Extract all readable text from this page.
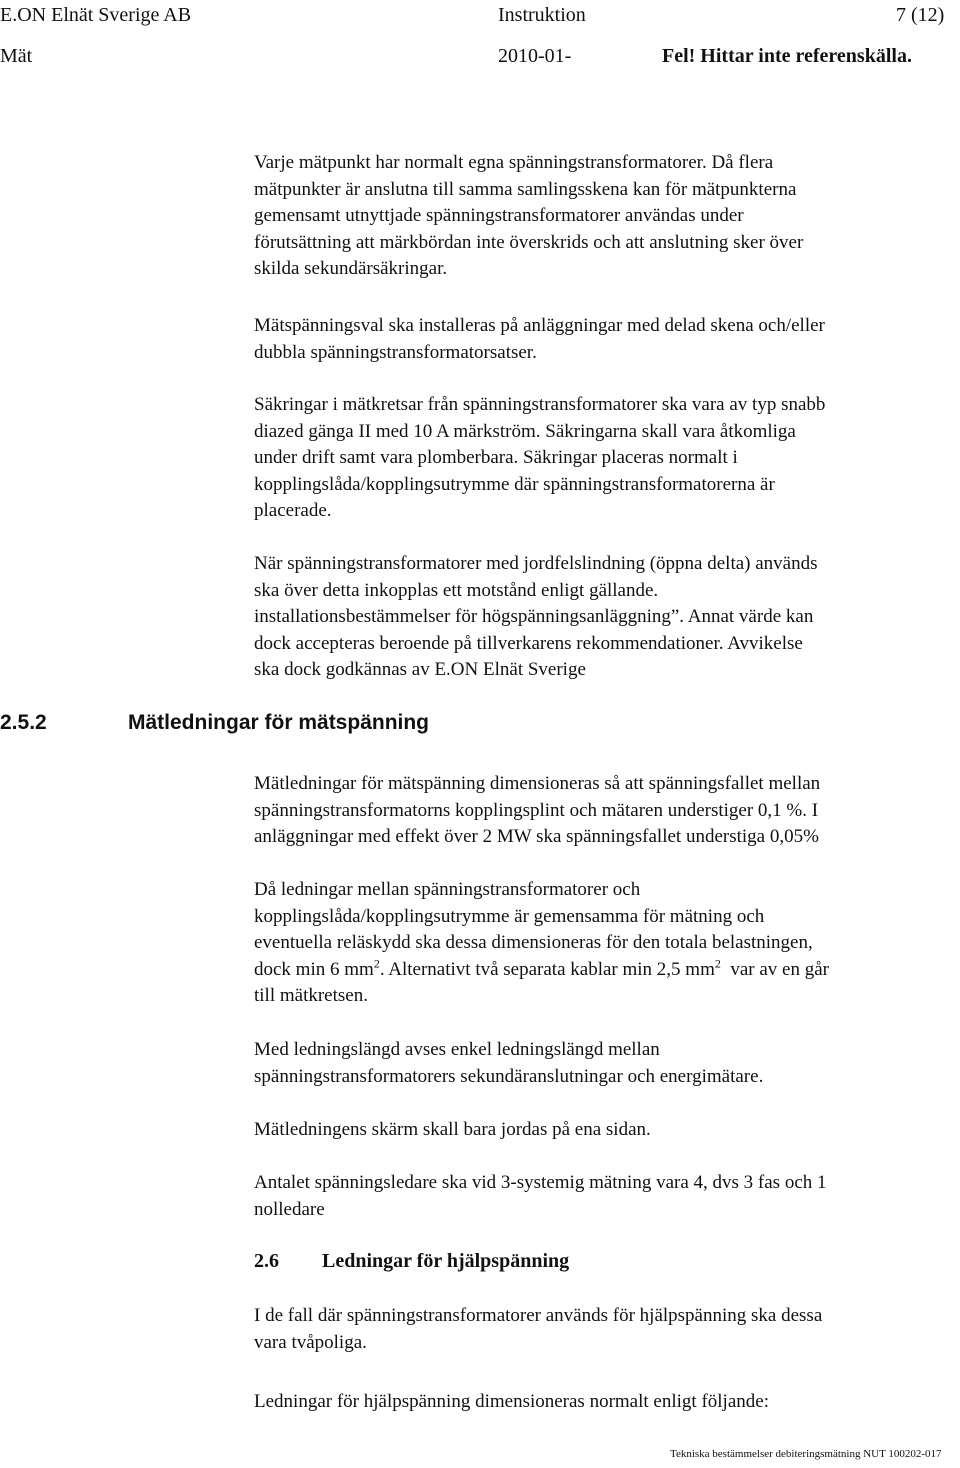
E.ON Elnät Sverige AB	Instruktion	7 (12)
Mät	2010-01-	Fel! Hittar inte referenskälla.
Varje mätpunkt har normalt egna spänningstransformatorer. Då flera
mätpunkter är anslutna till samma samlingsskena kan för mätpunkterna
gemensamt utnyttjade spänningstransformatorer användas under
förutsättning att märkbördan inte överskrids och att anslutning sker över
skilda sekundärsäkringar.
Mätspänningsval ska installeras på anläggningar med delad skena och/eller
dubbla spänningstransformatorsatser.
Säkringar i mätkretsar från spänningstransformatorer ska vara av typ snabb
diazed gänga II med 10 A märkström. Säkringarna skall vara åtkomliga
under drift samt vara plomberbara. Säkringar placeras normalt i
kopplingslåda/kopplingsutrymme där spänningstransformatorerna är
placerade.
När spänningstransformatorer med jordfelslindning (öppna delta) används
ska över detta inkopplas ett motstånd enligt gällande.
installationsbestämmelser för högspänningsanläggning”. Annat värde kan
dock accepteras beroende på tillverkarens rekommendationer. Avvikelse
ska dock godkännas av E.ON Elnät Sverige
2.5.2	Mätledningar för mätspänning
Mätledningar för mätspänning dimensioneras så att spänningsfallet mellan
spänningstransformatorns kopplingsplint och mätaren understiger 0,1 %. I
anläggningar med effekt över 2 MW ska spänningsfallet understiga 0,05%
Då ledningar mellan spänningstransformatorer och
kopplingslåda/kopplingsutrymme är gemensamma för mätning och
eventuella reläskydd ska dessa dimensioneras för den totala belastningen,
dock min 6 $mm^2$. Alternativt två separata kablar min 2,5 $mm^2$  var av en går
till mätkretsen.
Med ledningslängd avses enkel ledningslängd mellan
spänningstransformatorers sekundäranslutningar och energimätare.
Mätledningens skärm skall bara jordas på ena sidan.
Antalet spänningsledare ska vid 3-systemig mätning vara 4, dvs 3 fas och 1
nolledare
2.6 Ledningar för hjälpspänning
I de fall där spänningstransformatorer används för hjälpspänning ska dessa
vara tvåpoliga.
Ledningar för hjälpspänning dimensioneras normalt enligt följande:
Tekniska bestämmelser debiteringsmätning NUT 100202-017
